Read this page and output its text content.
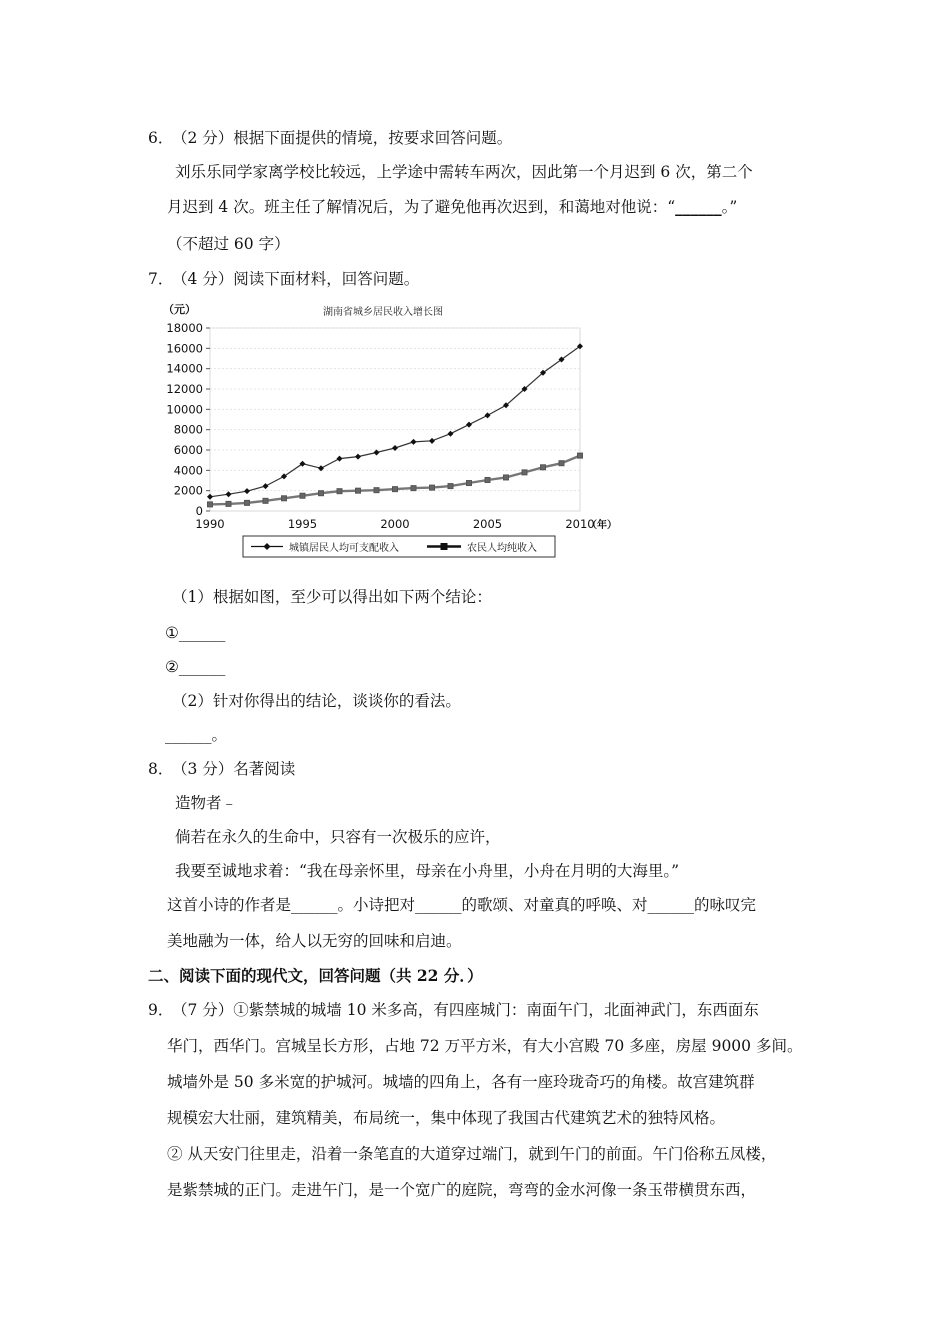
6．
（2 分）根据下面提供的情境，按要求回答问题。
刘乐乐同学家离学校比较远，上学途中需转车两次，因此第一个月迟到 6 次，第二个
月迟到 4 次。班主任了解情况后，为了避免他再次迟到，和蔼地对他说：“______。”
（不超过 60 字）
7．
（4 分）阅读下面材料，回答问题。
湖南省城乡居民收入增长图
（元）
0
2000
4000
6000
8000
10000
12000
14000
16000
18000
1990	1995	2000	2005	2010
（年）
城镇居民人均可支配收入	农民人均纯收入
（1）根据如图，至少可以得出如下两个结论：
①______
②______
（2）针对你得出的结论，谈谈你的看法。
______。
8．
（3 分）名著阅读
造物者﹣
倘若在永久的生命中，只容有一次极乐的应许，
我要至诚地求着：“我在母亲怀里，母亲在小舟里，小舟在月明的大海里。”
这首小诗的作者是______。小诗把对______的歌颂、对童真的呼唤、对______的咏叹完
美地融为一体，给人以无穷的回味和启迪。
二、阅读下面的现代文，回答问题（共 22 分．）
9．
（7 分）①紫禁城的城墙 10 米多高，有四座城门：南面午门，北面神武门，东西面东
华门，西华门。宫城呈长方形，占地 72 万平方米，有大小宫殿 70 多座，房屋 9000 多间。
城墙外是 50 多米宽的护城河。城墙的四角上，各有一座玲珑奇巧的角楼。故宫建筑群
规模宏大壮丽，建筑精美，布局统一，集中体现了我国古代建筑艺术的独特风格。
② 从天安门往里走，沿着一条笔直的大道穿过端门，就到午门的前面。午门俗称五凤楼，
是紫禁城的正门。走进午门，是一个宽广的庭院，弯弯的金水河像一条玉带横贯东西，
